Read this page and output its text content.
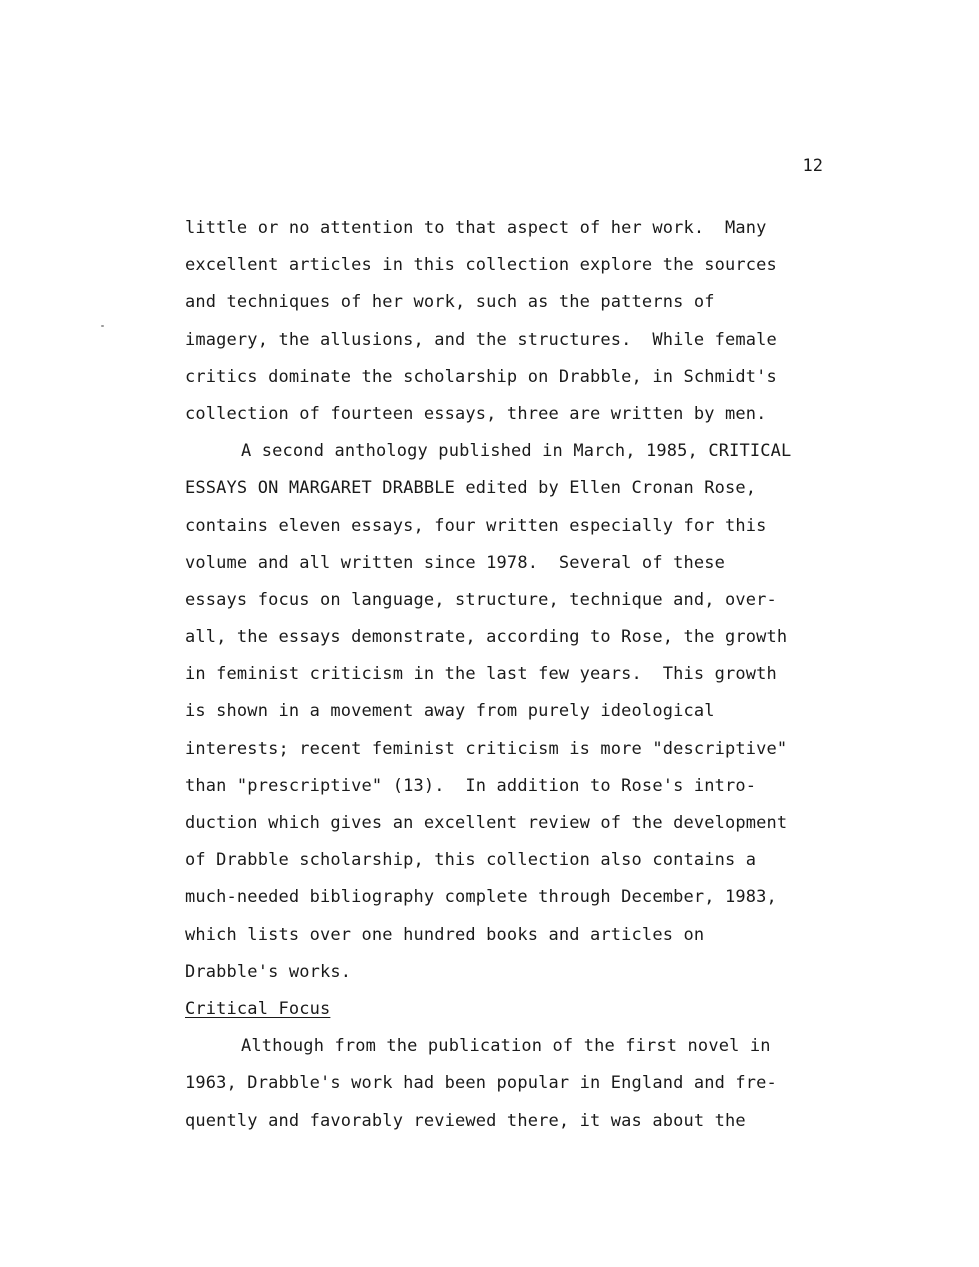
12
little or no attention to that aspect of her work.  Many
excellent articles in this collection explore the sources
and techniques of her work, such as the patterns of
imagery, the allusions, and the structures.  While female
critics dominate the scholarship on Drabble, in Schmidt's
collection of fourteen essays, three are written by men.
A second anthology published in March, 1985, CRITICAL
ESSAYS ON MARGARET DRABBLE edited by Ellen Cronan Rose,
contains eleven essays, four written especially for this
volume and all written since 1978.  Several of these
essays focus on language, structure, technique and, over-
all, the essays demonstrate, according to Rose, the growth
in feminist criticism in the last few years.  This growth
is shown in a movement away from purely ideological
interests; recent feminist criticism is more "descriptive"
than "prescriptive" (13).  In addition to Rose's intro-
duction which gives an excellent review of the development
of Drabble scholarship, this collection also contains a
much-needed bibliography complete through December, 1983,
which lists over one hundred books and articles on
Drabble's works.
Critical Focus
Although from the publication of the first novel in
1963, Drabble's work had been popular in England and fre-
quently and favorably reviewed there, it was about the
